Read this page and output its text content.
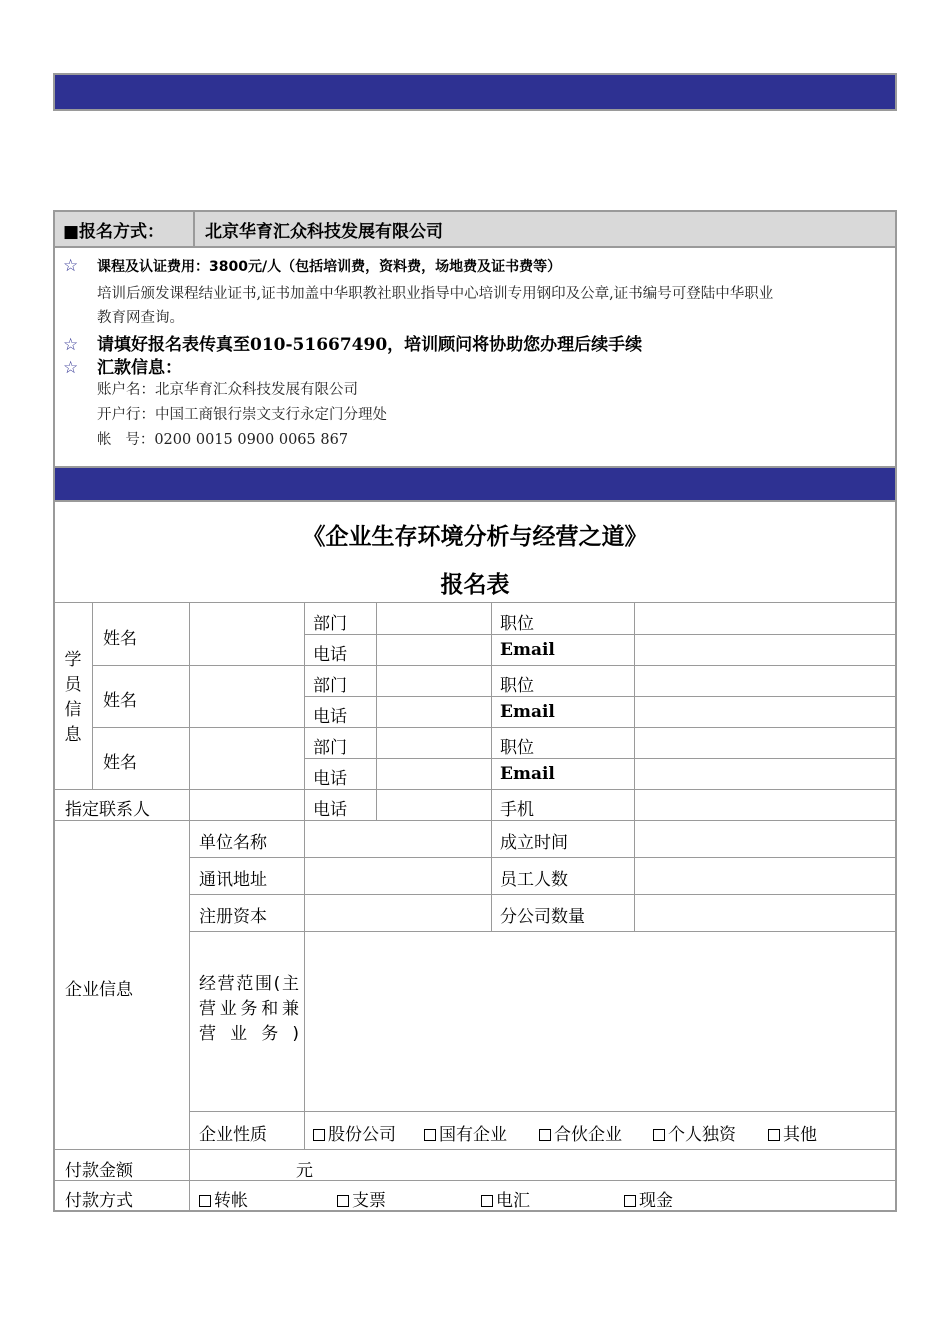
■报名方式：	北京华育汇众科技发展有限公司
☆ 课程及认证费用：3800元/人（包括培训费，资料费，场地费及证书费等）
培训后颁发课程结业证书,证书加盖中华职教社职业指导中心培训专用钢印及公章,证书编号可登陆中华职业
教育网查询。
☆ 请填好报名表传真至010-51667490，培训顾问将协助您办理后续手续
☆ 汇款信息：
账户名：北京华育汇众科技发展有限公司
开户行：中国工商银行崇文支行永定门分理处
帐   号：0200 0015 0900 0065 867
《企业生存环境分析与经营之道》
报名表
学员信息
姓名
部门	职位
电话	Email
姓名
部门	职位
电话	Email
姓名
部门	职位
电话	Email
指定联系人	电话	手机
企业信息
单位名称	成立时间
通讯地址	员工人数
注册资本	分公司数量
经营范围(主营业务和兼营业务)
企业性质	股份公司	国有企业	合伙企业	个人独资	其他
付款金额	元
付款方式	转帐	支票	电汇	现金
